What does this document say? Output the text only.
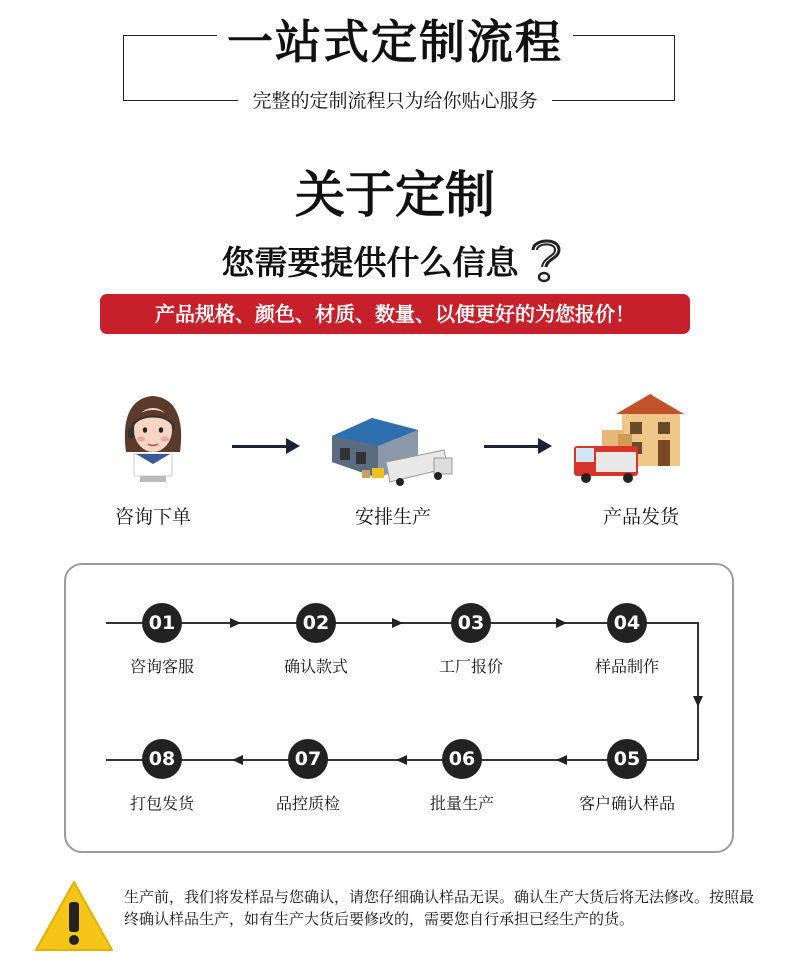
一站式定制流程
完整的定制流程只为给你贴心服务
关于定制
您需要提供什么信息
产品规格、颜色、材质、数量、以便更好的为您报价！
咨询下单	安排生产	产品发货
01	02	03	04
咨询客服	确认款式	工厂报价	样品制作
08	07	06	05
打包发货	品控质检	批量生产	客户确认样品
生产前，我们将发样品与您确认，请您仔细确认样品无误。确认生产大货后将无法修改。按照最终确认样品生产，如有生产大货后要修改的，需要您自行承担已经生产的货。
